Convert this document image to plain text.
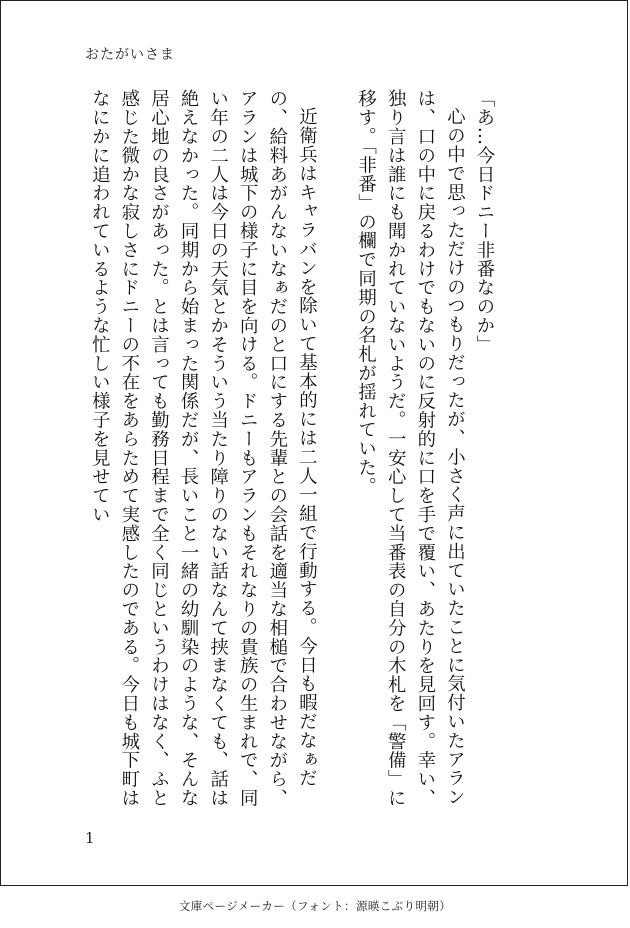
おたがいさま

「あ…今日ドニー非番なのか」

心の中で思っただけのつもりだったが、小さく声に出ていたことに気付いたアランは、口の中に戻るわけでもないのに反射的に口を手で覆い、あたりを見回す。幸い、独り言は誰にも聞かれていないようだ。一安心して当番表の自分の木札を「警備」に移す。「非番」の欄で同期の名札が揺れていた。

近衛兵はキャラバンを除いて基本的には二人一組で行動する。今日も暇だなぁだの、給料あがんないなぁだのと口にする先輩との会話を適当な相槌で合わせながら、アランは城下の様子に目を向ける。ドニーもアランもそれなりの貴族の生まれで、同い年の二人は今日の天気とかそういう当たり障りのない話なんて挟まなくても、話は絶えなかった。同期から始まった関係だが、長いこと一緒の幼馴染のような、そんな居心地の良さがあった。とは言っても勤務日程まで全く同じというわけはなく、ふと感じた微かな寂しさにドニーの不在をあらためて実感したのである。今日も城下町はなにかに追われているような忙しい様子を見せてい

1
文庫ページメーカー（フォント：源暎こぶり明朝）
